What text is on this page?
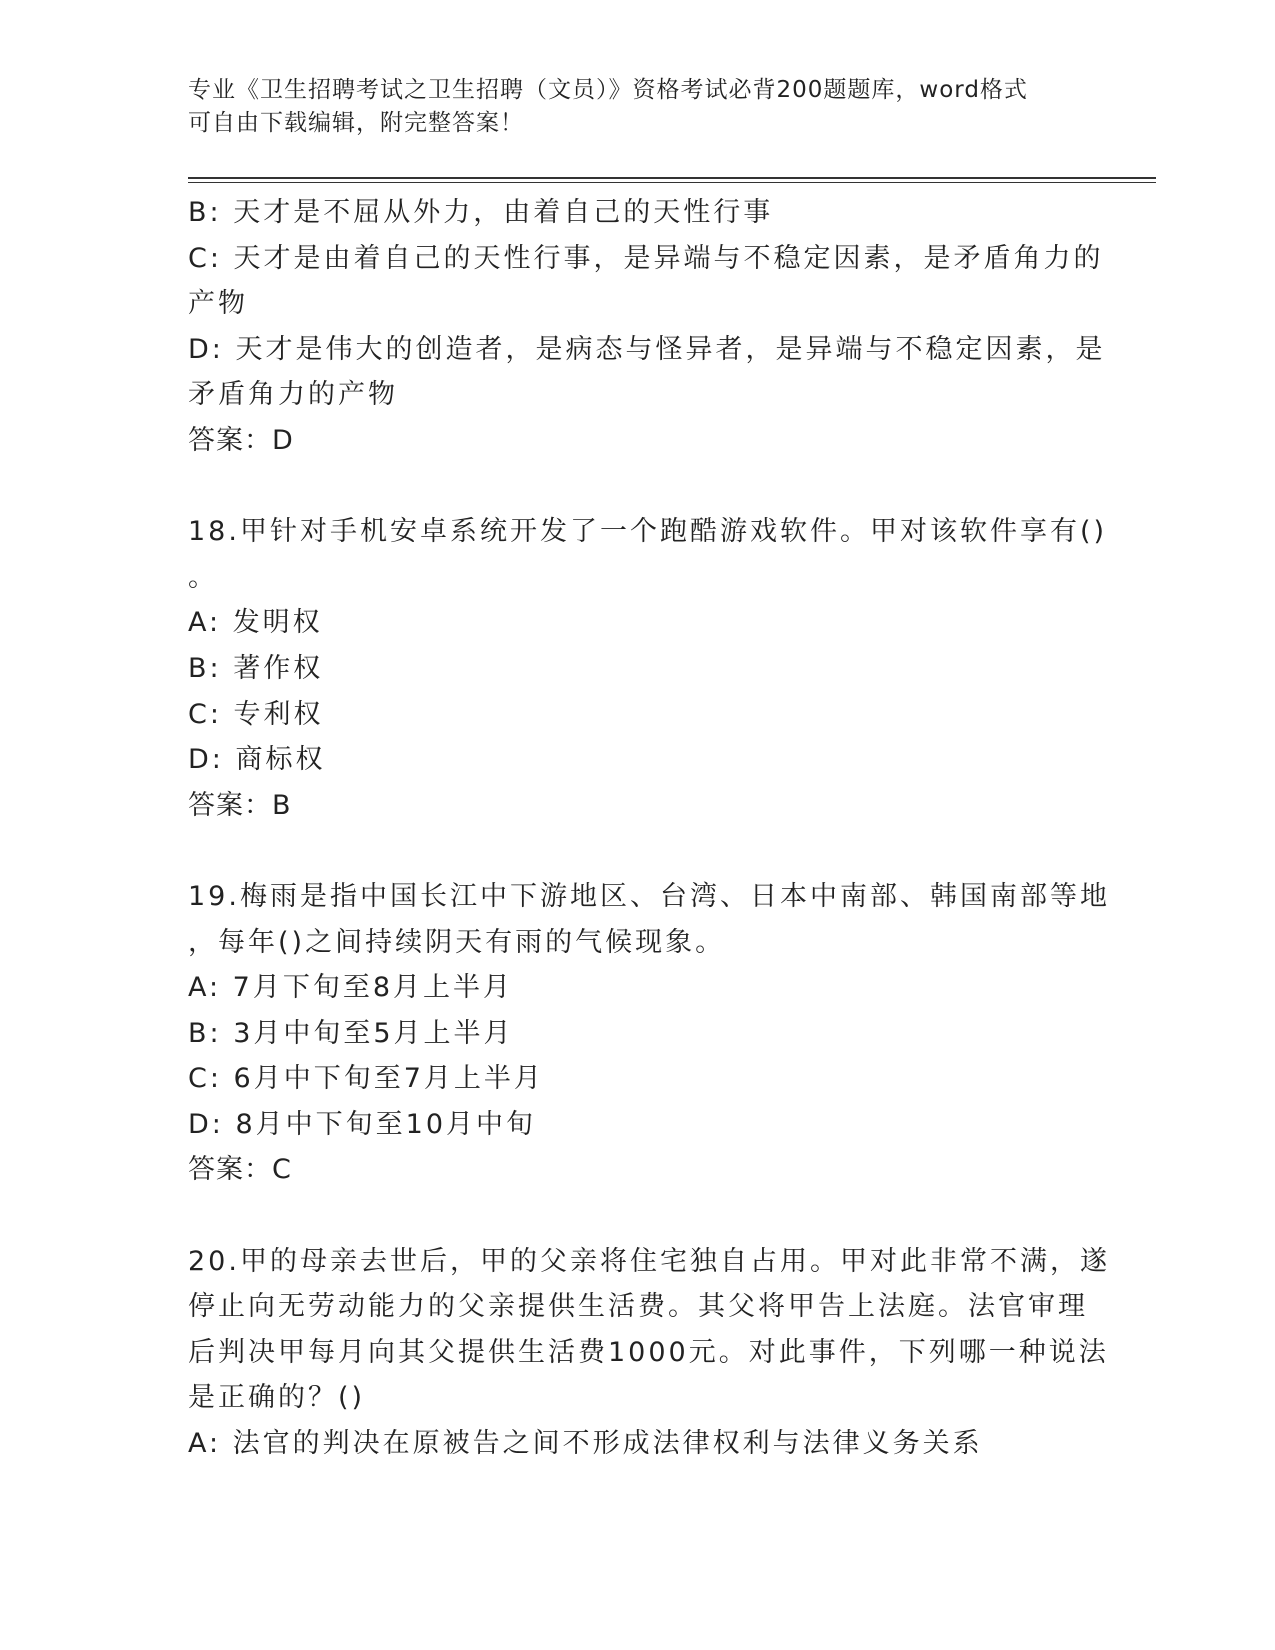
专业《卫生招聘考试之卫生招聘（文员）》资格考试必背200题题库，word格式
可自由下载编辑，附完整答案！
B: 天才是不屈从外力，由着自己的天性行事
C: 天才是由着自己的天性行事，是异端与不稳定因素，是矛盾角力的
产物
D: 天才是伟大的创造者，是病态与怪异者，是异端与不稳定因素，是
矛盾角力的产物
答案：D
18.甲针对手机安卓系统开发了一个跑酷游戏软件。甲对该软件享有()
。
A: 发明权
B: 著作权
C: 专利权
D: 商标权
答案：B
19.梅雨是指中国长江中下游地区、台湾、日本中南部、韩国南部等地
，每年()之间持续阴天有雨的气候现象。
A: 7月下旬至8月上半月
B: 3月中旬至5月上半月
C: 6月中下旬至7月上半月
D: 8月中下旬至10月中旬
答案：C
20.甲的母亲去世后，甲的父亲将住宅独自占用。甲对此非常不满，遂
停止向无劳动能力的父亲提供生活费。其父将甲告上法庭。法官审理
后判决甲每月向其父提供生活费1000元。对此事件，下列哪一种说法
是正确的？()
A: 法官的判决在原被告之间不形成法律权利与法律义务关系
